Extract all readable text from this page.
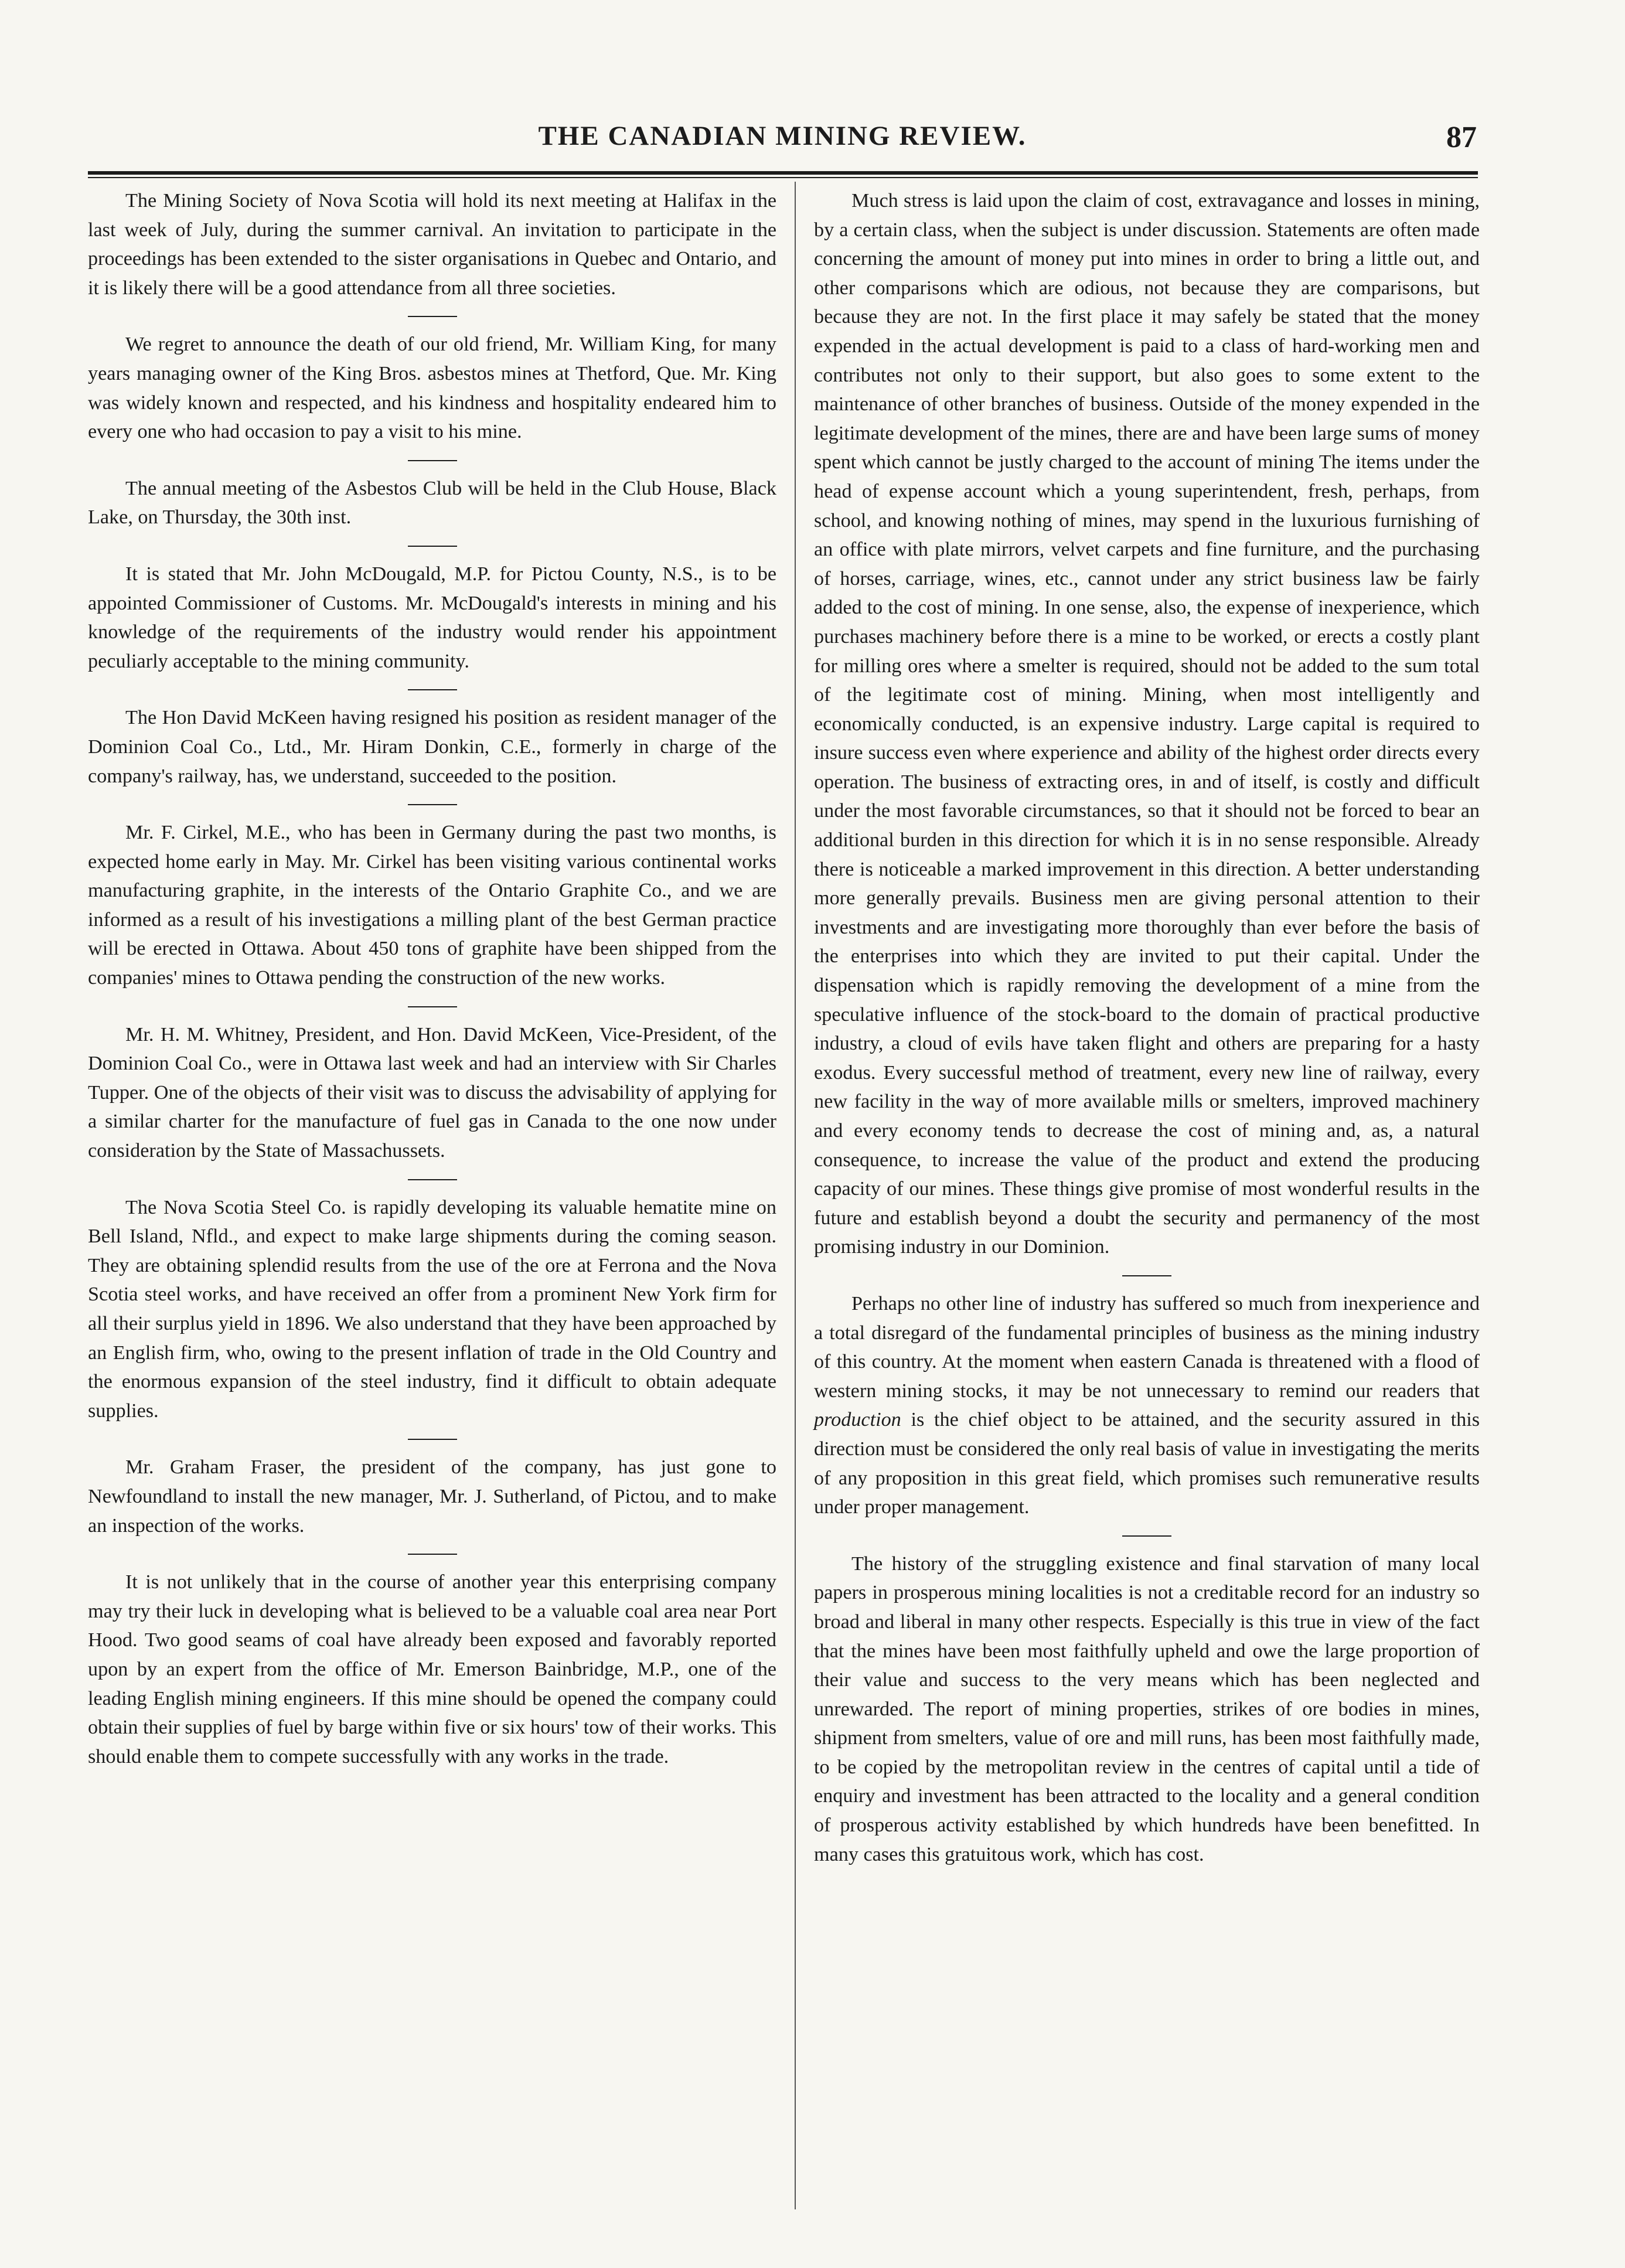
THE CANADIAN MINING REVIEW.	87

The Mining Society of Nova Scotia will hold its next meeting at Halifax in the last week of July, during the summer carnival. An invitation to participate in the proceedings has been extended to the sister organisations in Quebec and Ontario, and it is likely there will be a good attendance from all three societies.

We regret to announce the death of our old friend, Mr. William King, for many years managing owner of the King Bros. asbestos mines at Thetford, Que. Mr. King was widely known and respected, and his kindness and hospitality endeared him to every one who had occasion to pay a visit to his mine.

The annual meeting of the Asbestos Club will be held in the Club House, Black Lake, on Thursday, the 30th inst.

It is stated that Mr. John McDougald, M.P. for Pictou County, N.S., is to be appointed Commissioner of Customs. Mr. McDougald's interests in mining and his knowledge of the requirements of the industry would render his appointment peculiarly acceptable to the mining community.

The Hon David McKeen having resigned his position as resident manager of the Dominion Coal Co., Ltd., Mr. Hiram Donkin, C.E., formerly in charge of the company's railway, has, we understand, succeeded to the position.

Mr. F. Cirkel, M.E., who has been in Germany during the past two months, is expected home early in May. Mr. Cirkel has been visiting various continental works manufacturing graphite, in the interests of the Ontario Graphite Co., and we are informed as a result of his investigations a milling plant of the best German practice will be erected in Ottawa. About 450 tons of graphite have been shipped from the companies' mines to Ottawa pending the construction of the new works.

Mr. H. M. Whitney, President, and Hon. David McKeen, Vice-President, of the Dominion Coal Co., were in Ottawa last week and had an interview with Sir Charles Tupper. One of the objects of their visit was to discuss the advisability of applying for a similar charter for the manufacture of fuel gas in Canada to the one now under consideration by the State of Massachussets.

The Nova Scotia Steel Co. is rapidly developing its valuable hematite mine on Bell Island, Nfld., and expect to make large shipments during the coming season. They are obtaining splendid results from the use of the ore at Ferrona and the Nova Scotia steel works, and have received an offer from a prominent New York firm for all their surplus yield in 1896. We also understand that they have been approached by an English firm, who, owing to the present inflation of trade in the Old Country and the enormous expansion of the steel industry, find it difficult to obtain adequate supplies.

Mr. Graham Fraser, the president of the company, has just gone to Newfoundland to install the new manager, Mr. J. Sutherland, of Pictou, and to make an inspection of the works.

It is not unlikely that in the course of another year this enterprising company may try their luck in developing what is believed to be a valuable coal area near Port Hood. Two good seams of coal have already been exposed and favorably reported upon by an expert from the office of Mr. Emerson Bainbridge, M.P., one of the leading English mining engineers. If this mine should be opened the company could obtain their supplies of fuel by barge within five or six hours' tow of their works. This should enable them to compete successfully with any works in the trade.

Much stress is laid upon the claim of cost, extravagance and losses in mining, by a certain class, when the subject is under discussion. Statements are often made concerning the amount of money put into mines in order to bring a little out, and other comparisons which are odious, not because they are comparisons, but because they are not. In the first place it may safely be stated that the money expended in the actual development is paid to a class of hard-working men and contributes not only to their support, but also goes to some extent to the maintenance of other branches of business. Outside of the money expended in the legitimate development of the mines, there are and have been large sums of money spent which cannot be justly charged to the account of mining The items under the head of expense account which a young superintendent, fresh, perhaps, from school, and knowing nothing of mines, may spend in the luxurious furnishing of an office with plate mirrors, velvet carpets and fine furniture, and the purchasing of horses, carriage, wines, etc., cannot under any strict business law be fairly added to the cost of mining. In one sense, also, the expense of inexperience, which purchases machinery before there is a mine to be worked, or erects a costly plant for milling ores where a smelter is required, should not be added to the sum total of the legitimate cost of mining. Mining, when most intelligently and economically conducted, is an expensive industry. Large capital is required to insure success even where experience and ability of the highest order directs every operation. The business of extracting ores, in and of itself, is costly and difficult under the most favorable circumstances, so that it should not be forced to bear an additional burden in this direction for which it is in no sense responsible. Already there is noticeable a marked improvement in this direction. A better understanding more generally prevails. Business men are giving personal attention to their investments and are investigating more thoroughly than ever before the basis of the enterprises into which they are invited to put their capital. Under the dispensation which is rapidly removing the development of a mine from the speculative influence of the stock-board to the domain of practical productive industry, a cloud of evils have taken flight and others are preparing for a hasty exodus. Every successful method of treatment, every new line of railway, every new facility in the way of more available mills or smelters, improved machinery and every economy tends to decrease the cost of mining and, as, a natural consequence, to increase the value of the product and extend the producing capacity of our mines. These things give promise of most wonderful results in the future and establish beyond a doubt the security and permanency of the most promising industry in our Dominion.

Perhaps no other line of industry has suffered so much from inexperience and a total disregard of the fundamental principles of business as the mining industry of this country. At the moment when eastern Canada is threatened with a flood of western mining stocks, it may be not unnecessary to remind our readers that production is the chief object to be attained, and the security assured in this direction must be considered the only real basis of value in investigating the merits of any proposition in this great field, which promises such remunerative results under proper management.

The history of the struggling existence and final starvation of many local papers in prosperous mining localities is not a creditable record for an industry so broad and liberal in many other respects. Especially is this true in view of the fact that the mines have been most faithfully upheld and owe the large proportion of their value and success to the very means which has been neglected and unrewarded. The report of mining properties, strikes of ore bodies in mines, shipment from smelters, value of ore and mill runs, has been most faithfully made, to be copied by the metropolitan review in the centres of capital until a tide of enquiry and investment has been attracted to the locality and a general condition of prosperous activity established by which hundreds have been benefitted. In many cases this gratuitous work, which has cost.
